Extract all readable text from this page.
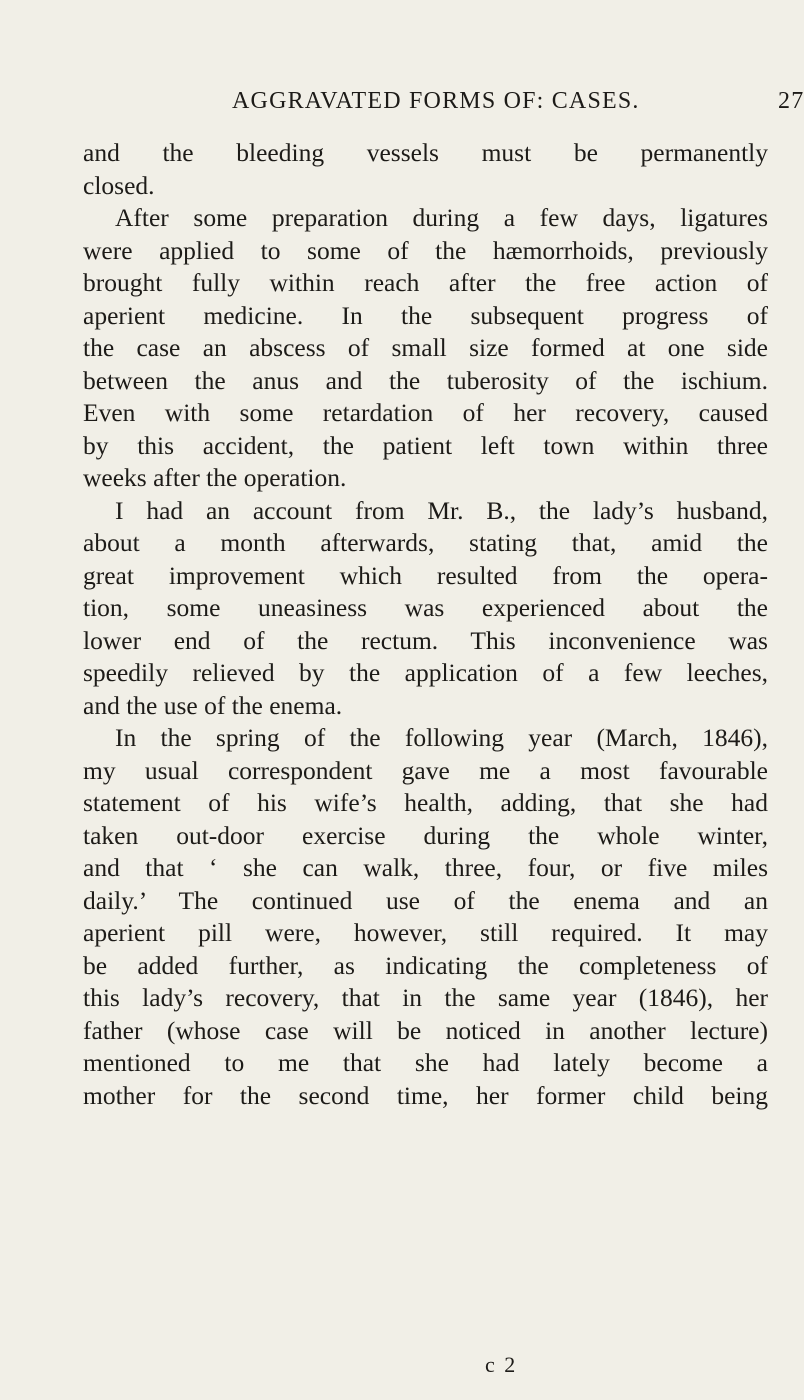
AGGRAVATED FORMS OF: CASES.	27
and the bleeding vessels must be permanently
closed.
After some preparation during a few days, ligatures
were applied to some of the hæmorrhoids, previously
brought fully within reach after the free action of
aperient medicine. In the subsequent progress of
the case an abscess of small size formed at one side
between the anus and the tuberosity of the ischium.
Even with some retardation of her recovery, caused
by this accident, the patient left town within three
weeks after the operation.
I had an account from Mr. B., the lady’s husband,
about a month afterwards, stating that, amid the
great improvement which resulted from the opera-
tion, some uneasiness was experienced about the
lower end of the rectum. This inconvenience was
speedily relieved by the application of a few leeches,
and the use of the enema.
In the spring of the following year (March, 1846),
my usual correspondent gave me a most favourable
statement of his wife’s health, adding, that she had
taken out-door exercise during the whole winter,
and that ‘ she can walk, three, four, or five miles
daily.’ The continued use of the enema and an
aperient pill were, however, still required. It may
be added further, as indicating the completeness of
this lady’s recovery, that in the same year (1846), her
father (whose case will be noticed in another lecture)
mentioned to me that she had lately become a
mother for the second time, her former child being
c 2
